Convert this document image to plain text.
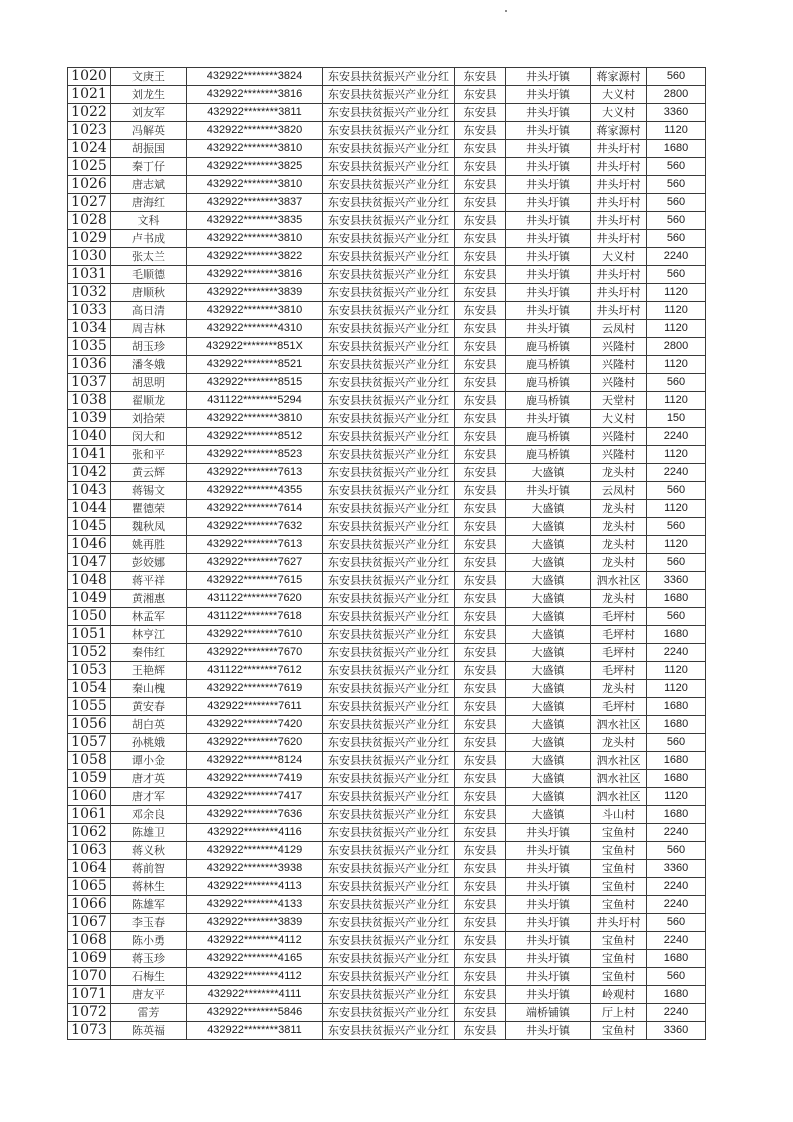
1020	文庚王	432922********3824	东安县扶贫振兴产业分红	东安县	井头圩镇	蒋家源村	560
1021	刘龙生	432922********3816	东安县扶贫振兴产业分红	东安县	井头圩镇	大义村	2800
1022	刘友军	432922********3811	东安县扶贫振兴产业分红	东安县	井头圩镇	大义村	3360
1023	冯解英	432922********3820	东安县扶贫振兴产业分红	东安县	井头圩镇	蒋家源村	1120
1024	胡振国	432922********3810	东安县扶贫振兴产业分红	东安县	井头圩镇	井头圩村	1680
1025	秦丁仔	432922********3825	东安县扶贫振兴产业分红	东安县	井头圩镇	井头圩村	560
1026	唐志斌	432922********3810	东安县扶贫振兴产业分红	东安县	井头圩镇	井头圩村	560
1027	唐海红	432922********3837	东安县扶贫振兴产业分红	东安县	井头圩镇	井头圩村	560
1028	文科	432922********3835	东安县扶贫振兴产业分红	东安县	井头圩镇	井头圩村	560
1029	卢书成	432922********3810	东安县扶贫振兴产业分红	东安县	井头圩镇	井头圩村	560
1030	张太兰	432922********3822	东安县扶贫振兴产业分红	东安县	井头圩镇	大义村	2240
1031	毛顺德	432922********3816	东安县扶贫振兴产业分红	东安县	井头圩镇	井头圩村	560
1032	唐顺秋	432922********3839	东安县扶贫振兴产业分红	东安县	井头圩镇	井头圩村	1120
1033	高日清	432922********3810	东安县扶贫振兴产业分红	东安县	井头圩镇	井头圩村	1120
1034	周吉林	432922********4310	东安县扶贫振兴产业分红	东安县	井头圩镇	云凤村	1120
1035	胡玉珍	432922********851X	东安县扶贫振兴产业分红	东安县	鹿马桥镇	兴隆村	2800
1036	潘冬娥	432922********8521	东安县扶贫振兴产业分红	东安县	鹿马桥镇	兴隆村	1120
1037	胡思明	432922********8515	东安县扶贫振兴产业分红	东安县	鹿马桥镇	兴隆村	560
1038	翟顺龙	431122********5294	东安县扶贫振兴产业分红	东安县	鹿马桥镇	天堂村	1120
1039	刘拾荣	432922********3810	东安县扶贫振兴产业分红	东安县	井头圩镇	大义村	150
1040	闵大和	432922********8512	东安县扶贫振兴产业分红	东安县	鹿马桥镇	兴隆村	2240
1041	张和平	432922********8523	东安县扶贫振兴产业分红	东安县	鹿马桥镇	兴隆村	1120
1042	黄云辉	432922********7613	东安县扶贫振兴产业分红	东安县	大盛镇	龙头村	2240
1043	蒋锡文	432922********4355	东安县扶贫振兴产业分红	东安县	井头圩镇	云凤村	560
1044	瞿德荣	432922********7614	东安县扶贫振兴产业分红	东安县	大盛镇	龙头村	1120
1045	魏秋凤	432922********7632	东安县扶贫振兴产业分红	东安县	大盛镇	龙头村	560
1046	姚再胜	432922********7613	东安县扶贫振兴产业分红	东安县	大盛镇	龙头村	1120
1047	彭姣娜	432922********7627	东安县扶贫振兴产业分红	东安县	大盛镇	龙头村	560
1048	蒋平祥	432922********7615	东安县扶贫振兴产业分红	东安县	大盛镇	泗水社区	3360
1049	黄湘惠	431122********7620	东安县扶贫振兴产业分红	东安县	大盛镇	龙头村	1680
1050	林孟军	431122********7618	东安县扶贫振兴产业分红	东安县	大盛镇	毛坪村	560
1051	林亨江	432922********7610	东安县扶贫振兴产业分红	东安县	大盛镇	毛坪村	1680
1052	秦伟红	432922********7670	东安县扶贫振兴产业分红	东安县	大盛镇	毛坪村	2240
1053	王艳辉	431122********7612	东安县扶贫振兴产业分红	东安县	大盛镇	毛坪村	1120
1054	秦山槐	432922********7619	东安县扶贫振兴产业分红	东安县	大盛镇	龙头村	1120
1055	黄安春	432922********7611	东安县扶贫振兴产业分红	东安县	大盛镇	毛坪村	1680
1056	胡白英	432922********7420	东安县扶贫振兴产业分红	东安县	大盛镇	泗水社区	1680
1057	孙桃娥	432922********7620	东安县扶贫振兴产业分红	东安县	大盛镇	龙头村	560
1058	谭小金	432922********8124	东安县扶贫振兴产业分红	东安县	大盛镇	泗水社区	1680
1059	唐才英	432922********7419	东安县扶贫振兴产业分红	东安县	大盛镇	泗水社区	1680
1060	唐才军	432922********7417	东安县扶贫振兴产业分红	东安县	大盛镇	泗水社区	1120
1061	邓余良	432922********7636	东安县扶贫振兴产业分红	东安县	大盛镇	斗山村	1680
1062	陈雄卫	432922********4116	东安县扶贫振兴产业分红	东安县	井头圩镇	宝鱼村	2240
1063	蒋义秋	432922********4129	东安县扶贫振兴产业分红	东安县	井头圩镇	宝鱼村	560
1064	蒋前智	432922********3938	东安县扶贫振兴产业分红	东安县	井头圩镇	宝鱼村	3360
1065	蒋林生	432922********4113	东安县扶贫振兴产业分红	东安县	井头圩镇	宝鱼村	2240
1066	陈雄军	432922********4133	东安县扶贫振兴产业分红	东安县	井头圩镇	宝鱼村	2240
1067	李玉春	432922********3839	东安县扶贫振兴产业分红	东安县	井头圩镇	井头圩村	560
1068	陈小勇	432922********4112	东安县扶贫振兴产业分红	东安县	井头圩镇	宝鱼村	2240
1069	蒋玉珍	432922********4165	东安县扶贫振兴产业分红	东安县	井头圩镇	宝鱼村	1680
1070	石梅生	432922********4112	东安县扶贫振兴产业分红	东安县	井头圩镇	宝鱼村	560
1071	唐友平	432922********4111	东安县扶贫振兴产业分红	东安县	井头圩镇	岭观村	1680
1072	雷芳	432922********5846	东安县扶贫振兴产业分红	东安县	端桥铺镇	厅上村	2240
1073	陈英福	432922********3811	东安县扶贫振兴产业分红	东安县	井头圩镇	宝鱼村	3360
